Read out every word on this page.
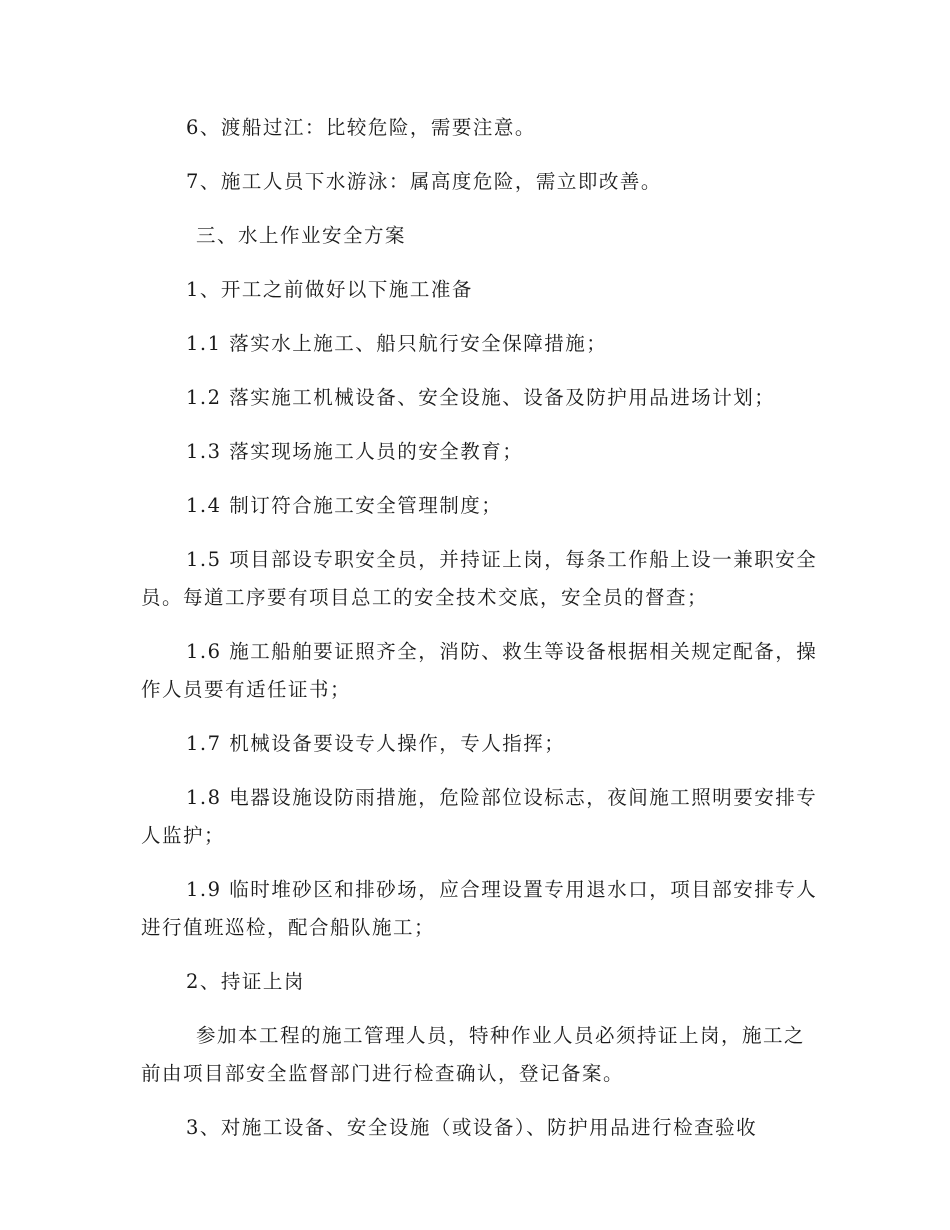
6、渡船过江：比较危险，需要注意。

7、施工人员下水游泳：属高度危险，需立即改善。

三、水上作业安全方案

1、开工之前做好以下施工准备

1.1 落实水上施工、船只航行安全保障措施；

1.2 落实施工机械设备、安全设施、设备及防护用品进场计划；

1.3 落实现场施工人员的安全教育；

1.4 制订符合施工安全管理制度；

1.5 项目部设专职安全员，并持证上岗，每条工作船上设一兼职安全员。每道工序要有项目总工的安全技术交底，安全员的督查；

1.6 施工船舶要证照齐全，消防、救生等设备根据相关规定配备，操作人员要有适任证书；

1.7 机械设备要设专人操作，专人指挥；

1.8 电器设施设防雨措施，危险部位设标志，夜间施工照明要安排专人监护；

1.9 临时堆砂区和排砂场，应合理设置专用退水口，项目部安排专人进行值班巡检，配合船队施工；

2、持证上岗

参加本工程的施工管理人员，特种作业人员必须持证上岗，施工之前由项目部安全监督部门进行检查确认，登记备案。

3、对施工设备、安全设施（或设备）、防护用品进行检查验收
